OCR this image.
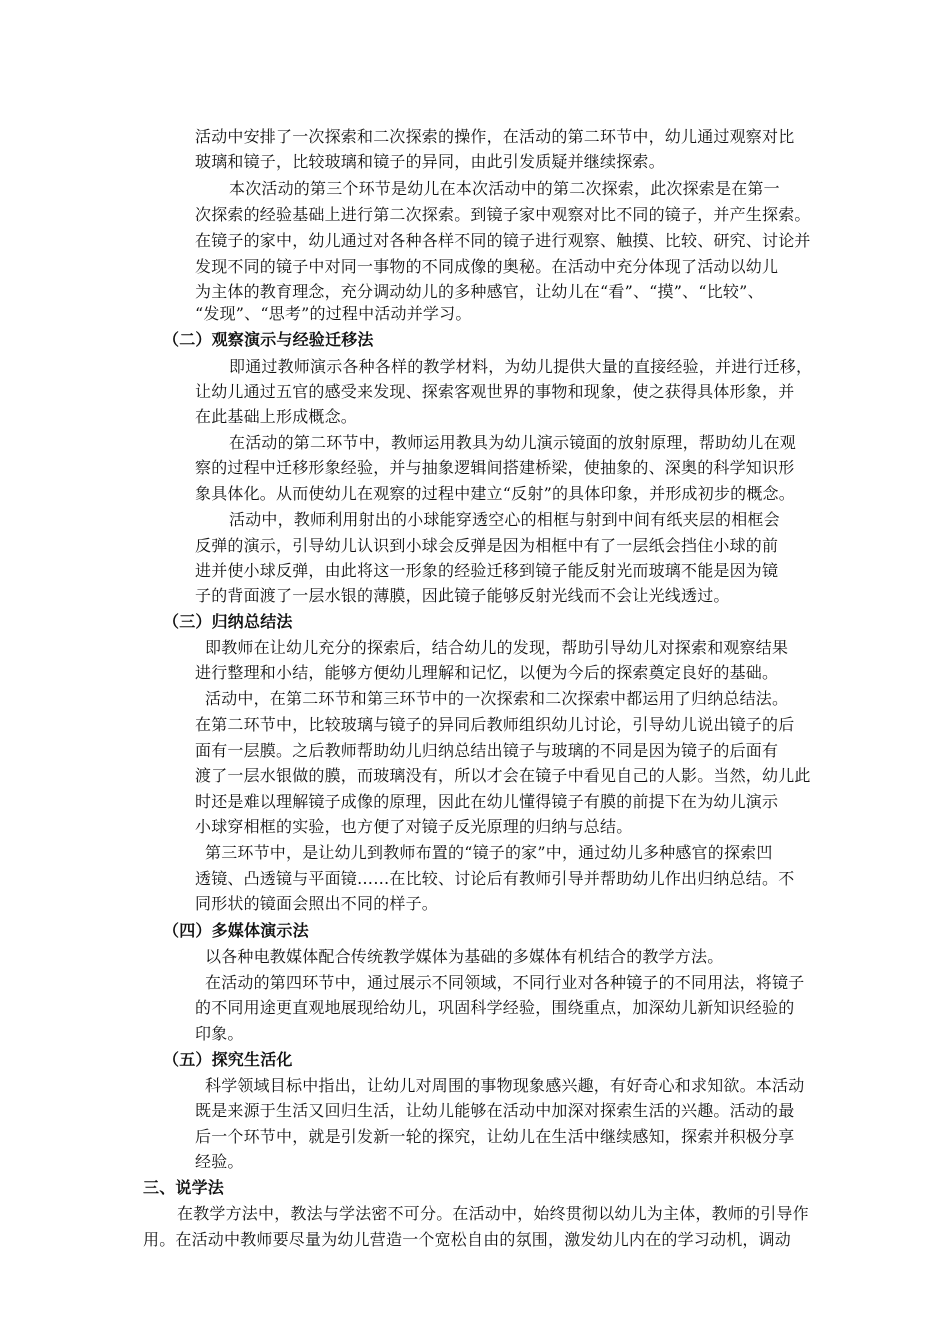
活动中安排了一次探索和二次探索的操作，在活动的第二环节中，幼儿通过观察对比
玻璃和镜子，比较玻璃和镜子的异同，由此引发质疑并继续探索。
本次活动的第三个环节是幼儿在本次活动中的第二次探索，此次探索是在第一
次探索的经验基础上进行第二次探索。到镜子家中观察对比不同的镜子，并产生探索。
在镜子的家中，幼儿通过对各种各样不同的镜子进行观察、触摸、比较、研究、讨论并
发现不同的镜子中对同一事物的不同成像的奥秘。在活动中充分体现了活动以幼儿
为主体的教育理念，充分调动幼儿的多种感官，让幼儿在“看”、“摸”、“比较”、
“发现”、“思考”的过程中活动并学习。
（二）观察演示与经验迁移法
即通过教师演示各种各样的教学材料，为幼儿提供大量的直接经验，并进行迁移，
让幼儿通过五官的感受来发现、探索客观世界的事物和现象，使之获得具体形象，并
在此基础上形成概念。
在活动的第二环节中，教师运用教具为幼儿演示镜面的放射原理，帮助幼儿在观
察的过程中迁移形象经验，并与抽象逻辑间搭建桥梁，使抽象的、深奥的科学知识形
象具体化。从而使幼儿在观察的过程中建立“反射”的具体印象，并形成初步的概念。
活动中，教师利用射出的小球能穿透空心的相框与射到中间有纸夹层的相框会
反弹的演示，引导幼儿认识到小球会反弹是因为相框中有了一层纸会挡住小球的前
进并使小球反弹，由此将这一形象的经验迁移到镜子能反射光而玻璃不能是因为镜
子的背面渡了一层水银的薄膜，因此镜子能够反射光线而不会让光线透过。
（三）归纳总结法
即教师在让幼儿充分的探索后，结合幼儿的发现，帮助引导幼儿对探索和观察结果
进行整理和小结，能够方便幼儿理解和记忆，以便为今后的探索奠定良好的基础。
活动中，在第二环节和第三环节中的一次探索和二次探索中都运用了归纳总结法。
在第二环节中，比较玻璃与镜子的异同后教师组织幼儿讨论，引导幼儿说出镜子的后
面有一层膜。之后教师帮助幼儿归纳总结出镜子与玻璃的不同是因为镜子的后面有
渡了一层水银做的膜，而玻璃没有，所以才会在镜子中看见自己的人影。当然，幼儿此
时还是难以理解镜子成像的原理，因此在幼儿懂得镜子有膜的前提下在为幼儿演示
小球穿相框的实验，也方便了对镜子反光原理的归纳与总结。
第三环节中，是让幼儿到教师布置的“镜子的家”中，通过幼儿多种感官的探索凹
透镜、凸透镜与平面镜……在比较、讨论后有教师引导并帮助幼儿作出归纳总结。不
同形状的镜面会照出不同的样子。
（四）多媒体演示法
以各种电教媒体配合传统教学媒体为基础的多媒体有机结合的教学方法。
在活动的第四环节中，通过展示不同领域，不同行业对各种镜子的不同用法，将镜子
的不同用途更直观地展现给幼儿，巩固科学经验，围绕重点，加深幼儿新知识经验的
印象。
（五）探究生活化
科学领域目标中指出，让幼儿对周围的事物现象感兴趣，有好奇心和求知欲。本活动
既是来源于生活又回归生活，让幼儿能够在活动中加深对探索生活的兴趣。活动的最
后一个环节中，就是引发新一轮的探究，让幼儿在生活中继续感知，探索并积极分享
经验。
三、说学法
在教学方法中，教法与学法密不可分。在活动中，始终贯彻以幼儿为主体，教师的引导作
用。在活动中教师要尽量为幼儿营造一个宽松自由的氛围，激发幼儿内在的学习动机，调动
